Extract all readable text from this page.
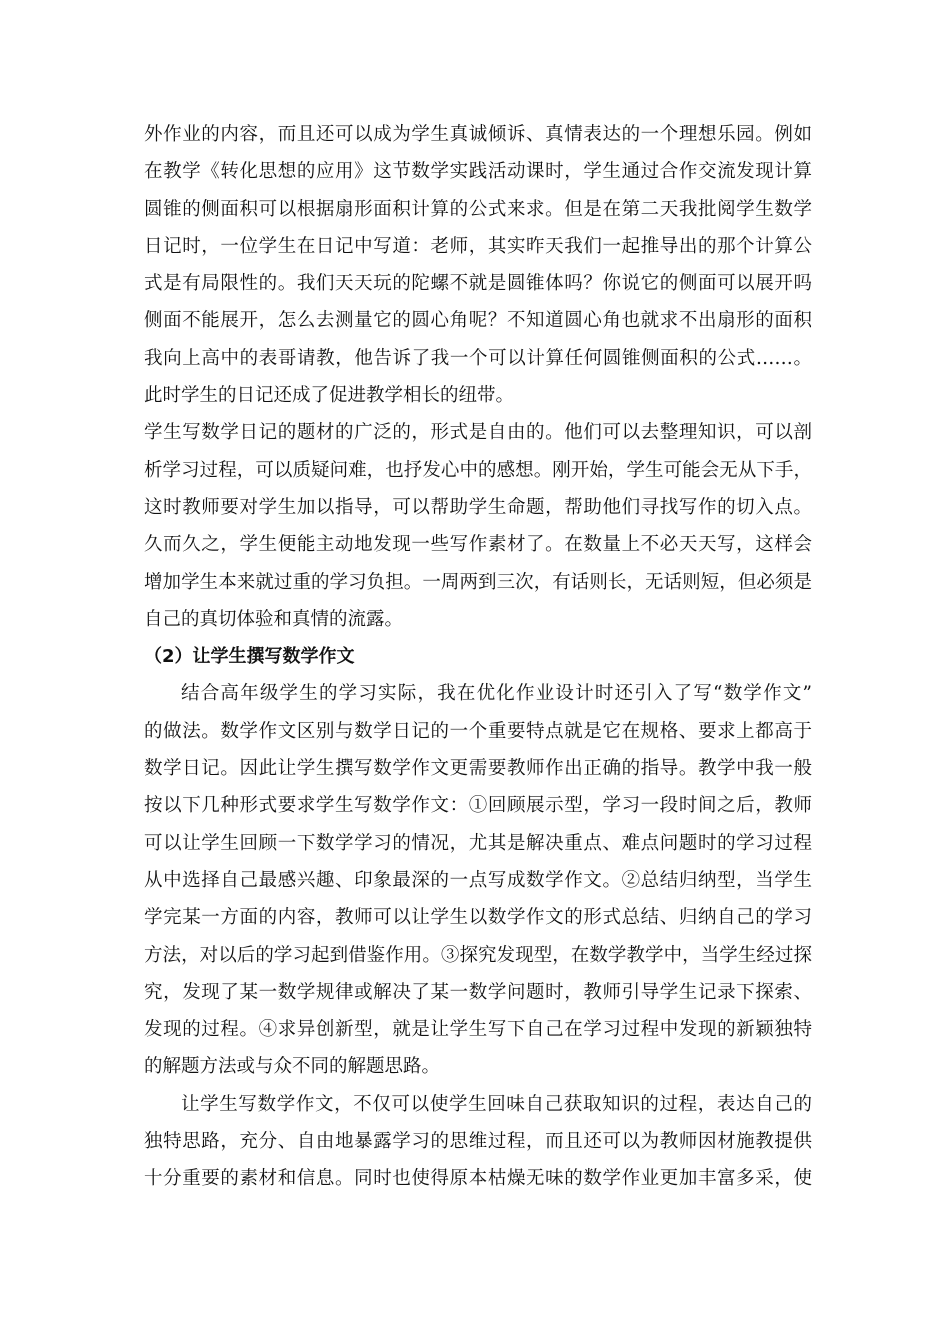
外作业的内容，而且还可以成为学生真诚倾诉、真情表达的一个理想乐园。例如
在教学《转化思想的应用》这节数学实践活动课时，学生通过合作交流发现计算
圆锥的侧面积可以根据扇形面积计算的公式来求。但是在第二天我批阅学生数学
日记时，一位学生在日记中写道：老师，其实昨天我们一起推导出的那个计算公
式是有局限性的。我们天天玩的陀螺不就是圆锥体吗？你说它的侧面可以展开吗
侧面不能展开，怎么去测量它的圆心角呢？不知道圆心角也就求不出扇形的面积
我向上高中的表哥请教，他告诉了我一个可以计算任何圆锥侧面积的公式……。
此时学生的日记还成了促进教学相长的纽带。
学生写数学日记的题材的广泛的，形式是自由的。他们可以去整理知识，可以剖
析学习过程，可以质疑问难，也抒发心中的感想。刚开始，学生可能会无从下手，
这时教师要对学生加以指导，可以帮助学生命题，帮助他们寻找写作的切入点。
久而久之，学生便能主动地发现一些写作素材了。在数量上不必天天写，这样会
增加学生本来就过重的学习负担。一周两到三次，有话则长，无话则短，但必须是
自己的真切体验和真情的流露。
（2）让学生撰写数学作文
结合高年级学生的学习实际，我在优化作业设计时还引入了写“数学作文”
的做法。数学作文区别与数学日记的一个重要特点就是它在规格、要求上都高于
数学日记。因此让学生撰写数学作文更需要教师作出正确的指导。教学中我一般
按以下几种形式要求学生写数学作文：①回顾展示型，学习一段时间之后，教师
可以让学生回顾一下数学学习的情况，尤其是解决重点、难点问题时的学习过程
从中选择自己最感兴趣、印象最深的一点写成数学作文。②总结归纳型，当学生
学完某一方面的内容，教师可以让学生以数学作文的形式总结、归纳自己的学习
方法，对以后的学习起到借鉴作用。③探究发现型，在数学教学中，当学生经过探
究，发现了某一数学规律或解决了某一数学问题时，教师引导学生记录下探索、
发现的过程。④求异创新型，就是让学生写下自己在学习过程中发现的新颖独特
的解题方法或与众不同的解题思路。
让学生写数学作文，不仅可以使学生回味自己获取知识的过程，表达自己的
独特思路，充分、自由地暴露学习的思维过程，而且还可以为教师因材施教提供
十分重要的素材和信息。同时也使得原本枯燥无味的数学作业更加丰富多采，使
